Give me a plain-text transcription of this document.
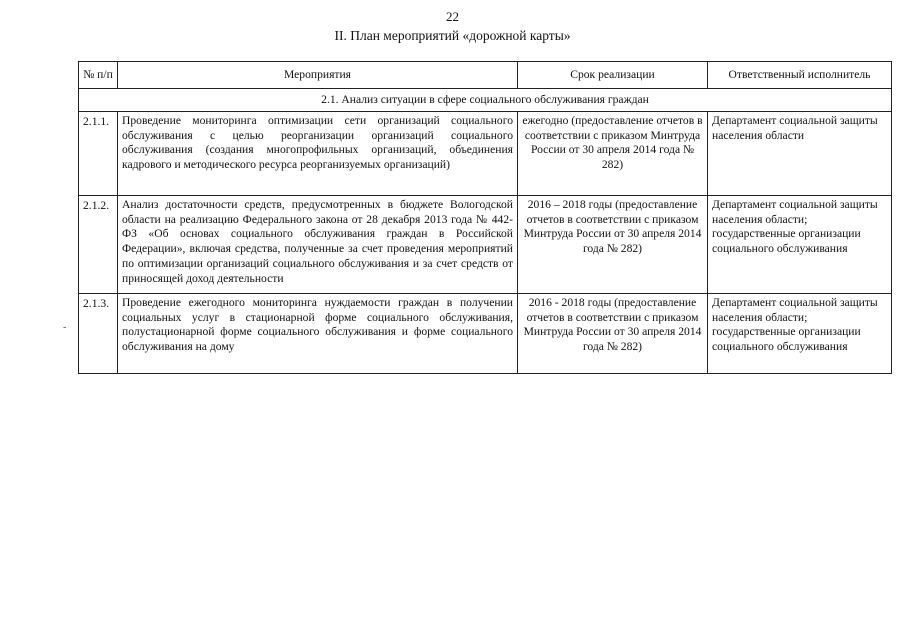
22
II. План мероприятий «дорожной карты»
№ п/п	Мероприятия	Срок реализации	Ответственный исполнитель
2.1. Анализ ситуации в сфере социального обслуживания граждан			
2.1.1.	Проведение мониторинга оптимизации сети организаций социального обслуживания с целью реорганизации организаций социального обслуживания (создания многопрофильных организаций, объединения кадрового и методического ресурса реорганизуемых организаций)	ежегодно (предоставление отчетов в соответствии с приказом Минтруда России от 30 апреля 2014 года № 282)	Департамент социальной защиты населения области
2.1.2.	Анализ достаточности средств, предусмотренных в бюджете Вологодской области на реализацию Федерального закона от 28 декабря 2013 года № 442-ФЗ «Об основах социального обслуживания граждан в Российской Федерации», включая средства, полученные за счет проведения мероприятий по оптимизации организаций социального обслуживания и за счет средств от приносящей доход деятельности	2016 – 2018 годы (предоставление отчетов в соответствии с приказом Минтруда России от 30 апреля 2014 года № 282)	Департамент социальной защиты населения области; государственные организации социального обслуживания
2.1.3.	Проведение ежегодного мониторинга нуждаемости граждан в получении социальных услуг в стационарной форме социального обслуживания, полустационарной форме социального обслуживания и форме социального обслуживания на дому	2016 - 2018 годы (предоставление отчетов в соответствии с приказом Минтруда России от 30 апреля 2014 года № 282)	Департамент социальной защиты населения области; государственные организации социального обслуживания
-
